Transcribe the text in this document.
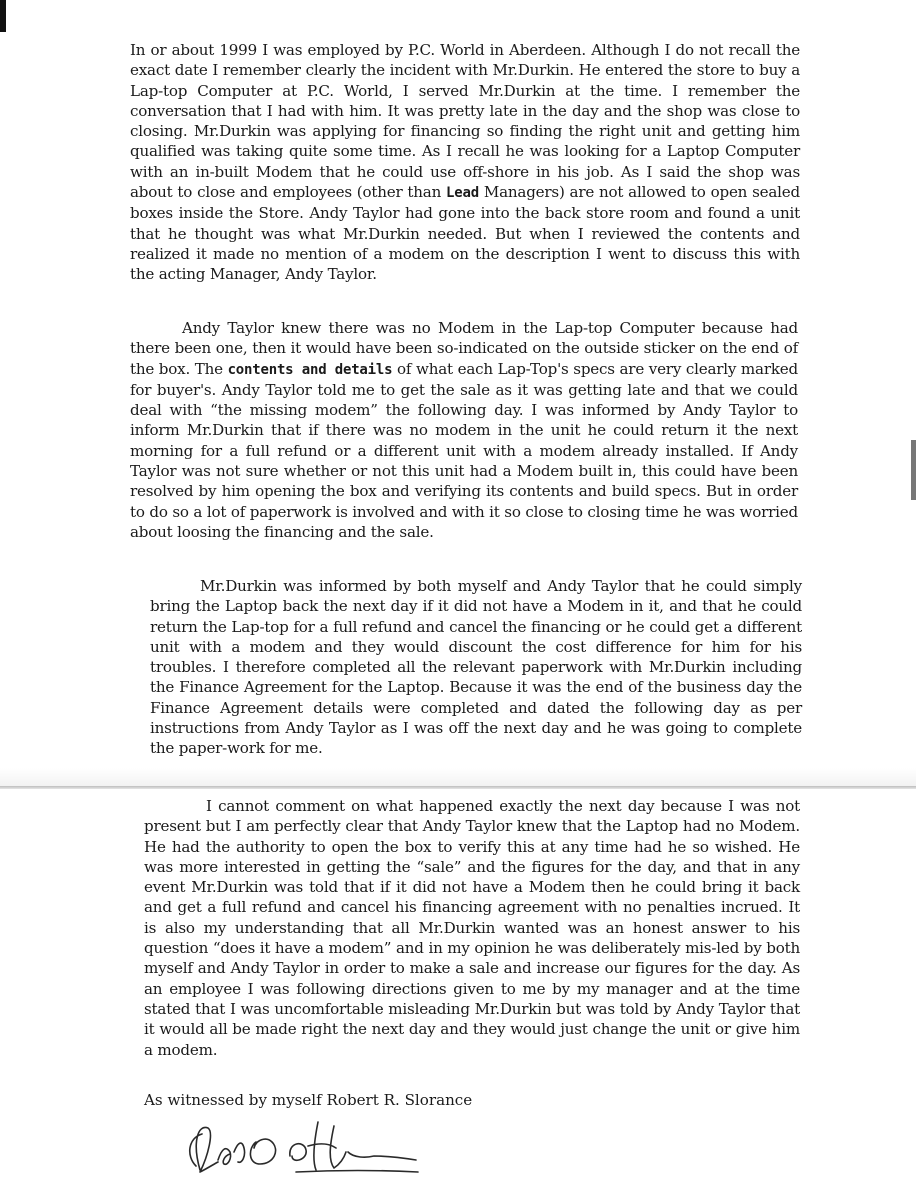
In or about 1999 I was employed by P.C. World in Aberdeen. Although I do not recall the exact date I remember clearly the incident with Mr.Durkin. He entered the store to buy a Lap-top Computer at P.C. World, I served Mr.Durkin at the time. I remember the conversation that I had with him. It was pretty late in the day and the shop was close to closing. Mr.Durkin was applying for financing so finding the right unit and getting him qualified was taking quite some time. As I recall he was looking for a Laptop Computer with an in-built Modem that he could use off-shore in his job. As I said the shop was about to close and employees (other than Lead Managers) are not allowed to open sealed boxes inside the Store. Andy Taylor had gone into the back store room and found a unit that he thought was what Mr.Durkin needed. But when I reviewed the contents and realized it made no mention of a modem on the description I went to discuss this with the acting Manager, Andy Taylor.

Andy Taylor knew there was no Modem in the Lap-top Computer because had there been one, then it would have been so-indicated on the outside sticker on the end of the box. The contents and details of what each Lap-Top's specs are very clearly marked for buyer's. Andy Taylor told me to get the sale as it was getting late and that we could deal with “the missing modem” the following day. I was informed by Andy Taylor to inform Mr.Durkin that if there was no modem in the unit he could return it the next morning for a full refund or a different unit with a modem already installed. If Andy Taylor was not sure whether or not this unit had a Modem built in, this could have been resolved by him opening the box and verifying its contents and build specs. But in order to do so a lot of paperwork is involved and with it so close to closing time he was worried about loosing the financing and the sale.

Mr.Durkin was informed by both myself and Andy Taylor that he could simply bring the Laptop back the next day if it did not have a Modem in it, and that he could return the Lap-top for a full refund and cancel the financing or he could get a different unit with a modem and they would discount the cost difference for him for his troubles. I therefore completed all the relevant paperwork with Mr.Durkin including the Finance Agreement for the Laptop. Because it was the end of the business day the Finance Agreement details were completed and dated the following day as per instructions from Andy Taylor as I was off the next day and he was going to complete the paper-work for me.

I cannot comment on what happened exactly the next day because I was not present but I am perfectly clear that Andy Taylor knew that the Laptop had no Modem. He had the authority to open the box to verify this at any time had he so wished. He was more interested in getting the “sale” and the figures for the day, and that in any event Mr.Durkin was told that if it did not have a Modem then he could bring it back and get a full refund and cancel his financing agreement with no penalties incrued. It is also my understanding that all Mr.Durkin wanted was an honest answer to his question “does it have a modem” and in my opinion he was deliberately mis-led by both myself and Andy Taylor in order to make a sale and increase our figures for the day. As an employee I was following directions given to me by my manager and at the time stated that I was uncomfortable misleading Mr.Durkin but was told by Andy Taylor that it would all be made right the next day and they would just change the unit or give him a modem.

As witnessed by myself Robert R. Slorance
